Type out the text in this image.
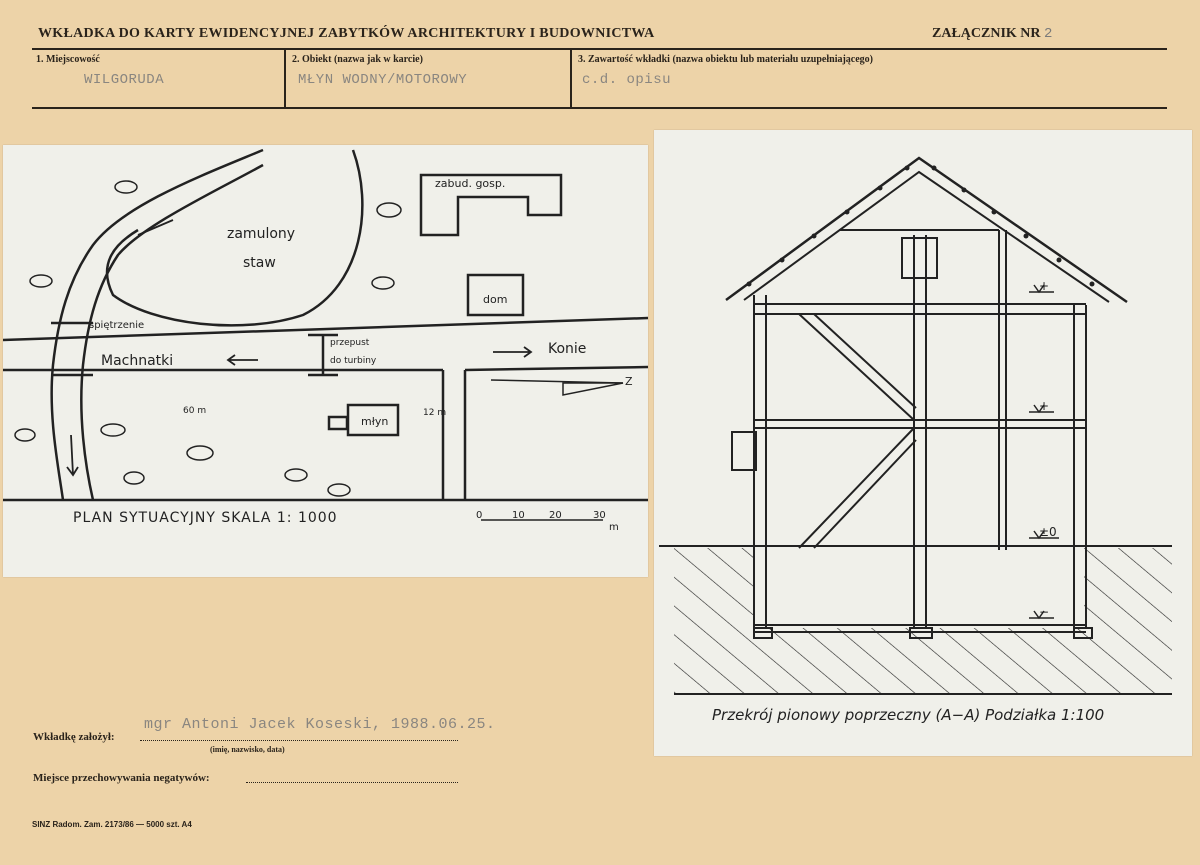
WKŁADKA DO KARTY EWIDENCYJNEJ ZABYTKÓW ARCHITEKTURY I BUDOWNICTWA	ZAŁĄCZNIK NR 2
1. Miejscowość
WILGORUDA
2. Obiekt (nazwa jak w karcie)
MŁYN WODNY/MOTOROWY
3. Zawartość wkładki (nazwa obiektu lub materiału uzupełniającego)
c.d. opisu
zamulony
staw
zabud. gosp.
dom
młyn
spiętrzenie
przepust
do turbiny
Machnatki
Konie
60 m	12 m
Z
PLAN SYTUACYJNY SKALA 1: 1000	0	10 20	30
m
+
+
±0
−
Przekrój pionowy poprzeczny (A−A) Podziałka 1:100
Wkładkę założył:
mgr Antoni Jacek Koseski, 1988.06.25.
(imię, nazwisko, data)
Miejsce przechowywania negatywów:
SINZ Radom. Zam. 2173/86 — 5000 szt. A4
